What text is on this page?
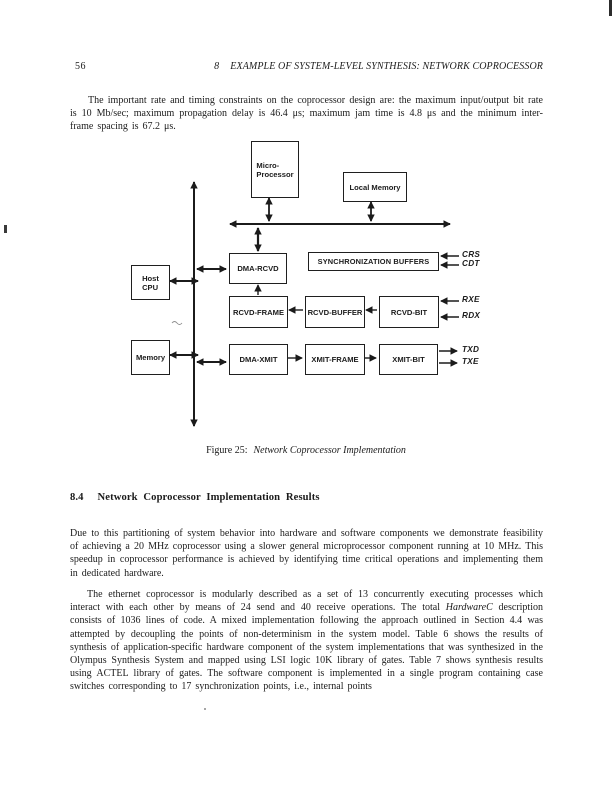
56	8 EXAMPLE OF SYSTEM-LEVEL SYNTHESIS: NETWORK COPROCESSOR

The important rate and timing constraints on the coprocessor design are: the maximum input/output bit rate is 10 Mb/sec; maximum propagation delay is 46.4 μs; maximum jam time is 4.8 μs and the minimum inter-frame spacing is 67.2 μs.

Micro-
Processor
Local Memory
Host
CPU
DMA-RCVD
SYNCHRONIZATION BUFFERS
RCVD-FRAME	RCVD-BUFFER	RCVD-BIT
Memory	DMA-XMIT	XMIT-FRAME	XMIT-BIT
CRS
CDT
RXE
RDX
TXD
TXE
Figure 25: Network Coprocessor Implementation
8.4 Network Coprocessor Implementation Results

Due to this partitioning of system behavior into hardware and software components we demonstrate feasibility of achieving a 20 MHz coprocessor using a slower general microprocessor component running at 10 MHz. This speedup in coprocessor performance is achieved by identifying time critical operations and implementing them in dedicated hardware.

The ethernet coprocessor is modularly described as a set of 13 concurrently executing processes which interact with each other by means of 24 send and 40 receive operations. The total HardwareC description consists of 1036 lines of code. A mixed implementation following the approach outlined in Section 4.4 was attempted by decoupling the points of non-determinism in the system model. Table 6 shows the results of synthesis of application-specific hardware component of the system implementations that was synthesized in the Olympus Synthesis System and mapped using LSI logic 10K library of gates. Table 7 shows synthesis results using ACTEL library of gates. The software component is implemented in a single program containing case switches corresponding to 17 synchronization points, i.e., internal points
